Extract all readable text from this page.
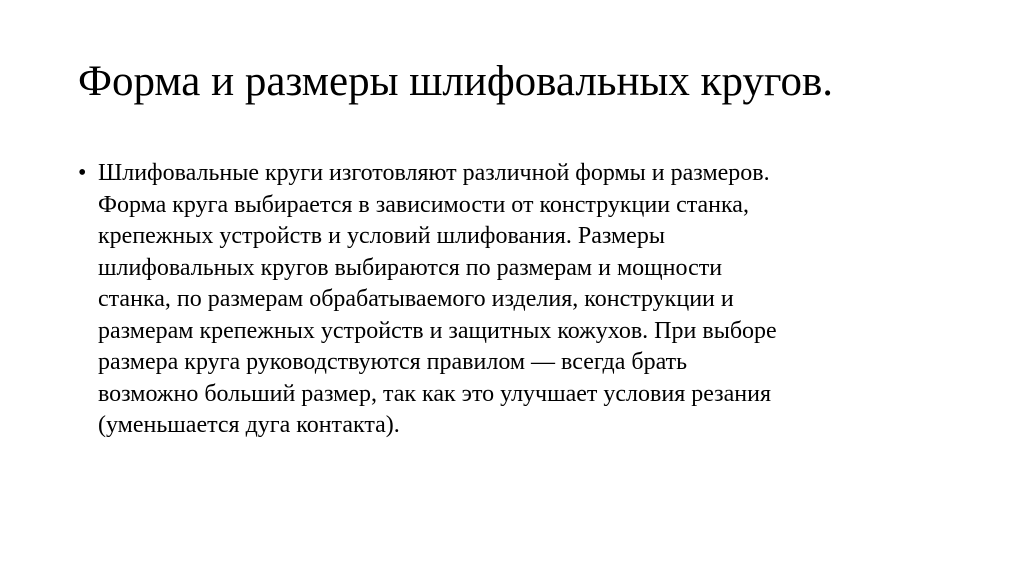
Форма и размеры шлифовальных кругов.
• Шлифовальные круги изготовляют различной формы и размеров.
Форма круга выбирается в зависимости от конструкции станка,
крепежных устройств и условий шлифования. Размеры
шлифовальных кругов выбираются по размерам и мощности
станка, по размерам обрабатываемого изделия, конструкции и
размерам крепежных устройств и защитных кожухов. При выборе
размера круга руководствуются правилом — всегда брать
возможно больший размер, так как это улучшает условия резания
(уменьшается дуга контакта).
